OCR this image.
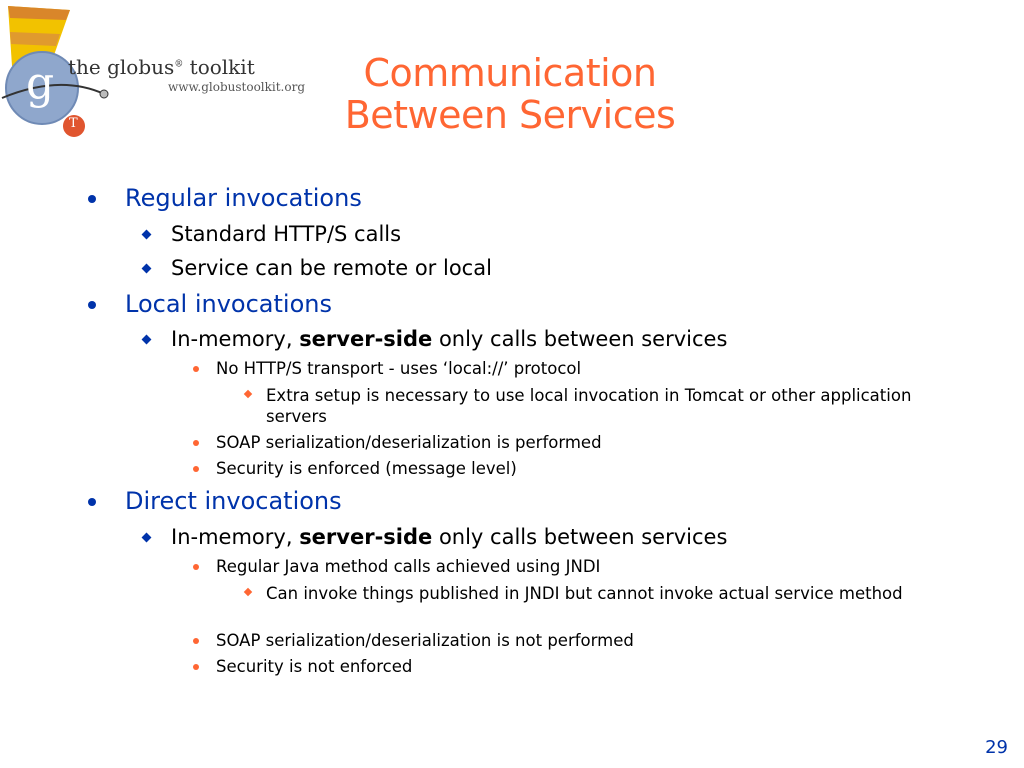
g
T
the globus® toolkit
www.globustoolkit.org	Communication
Between Services
Regular invocations
Standard HTTP/S calls
Service can be remote or local
Local invocations
In-memory, server-side only calls between services
No HTTP/S transport - uses ‘local://’ protocol
Extra setup is necessary to use local invocation in Tomcat or other application servers
SOAP serialization/deserialization is performed
Security is enforced (message level)
Direct invocations
In-memory, server-side only calls between services
Regular Java method calls achieved using JNDI
Can invoke things published in JNDI but cannot invoke actual service method
SOAP serialization/deserialization is not performed
Security is not enforced
29
